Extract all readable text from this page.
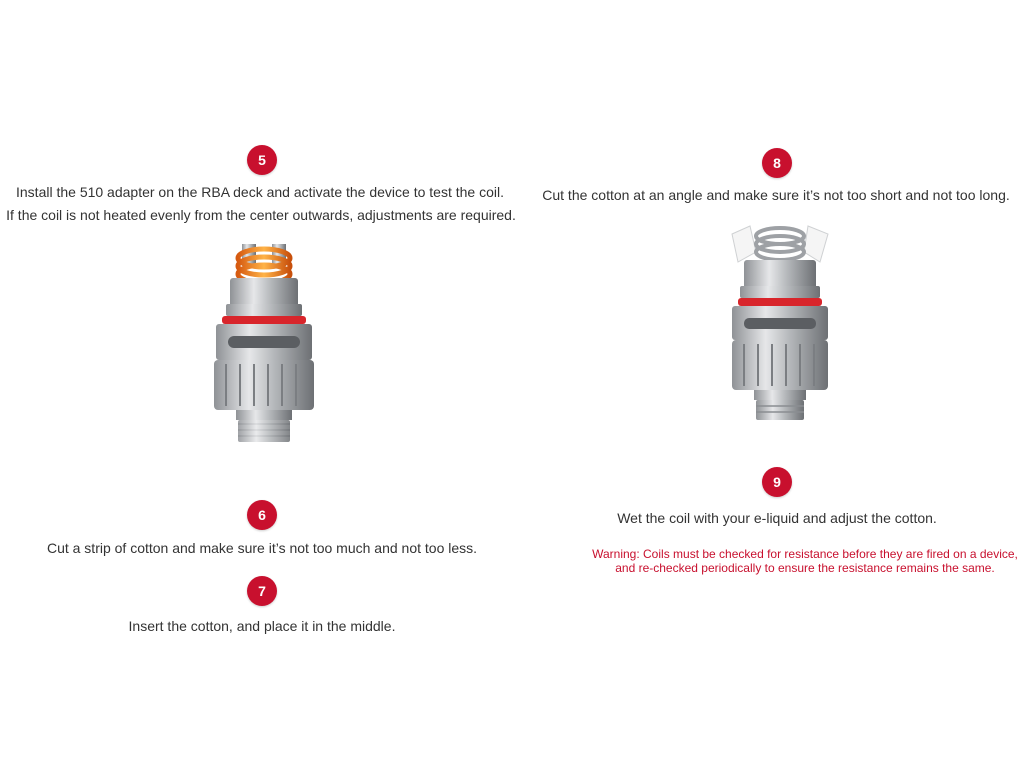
5
Install the 510 adapter on the RBA deck and activate the device to test the coil.
If the coil is not heated evenly from the center outwards, adjustments are required.
6
Cut a strip of cotton and make sure it’s not too much and not too less.
7
Insert the cotton, and place it in the middle.
8
Cut the cotton at an angle and make sure it’s not too short and not too long.
9
Wet the coil with your e-liquid and adjust the cotton.
Warning: Coils must be checked for resistance before they are fired on a device,
and re-checked periodically to ensure the resistance remains the same.
